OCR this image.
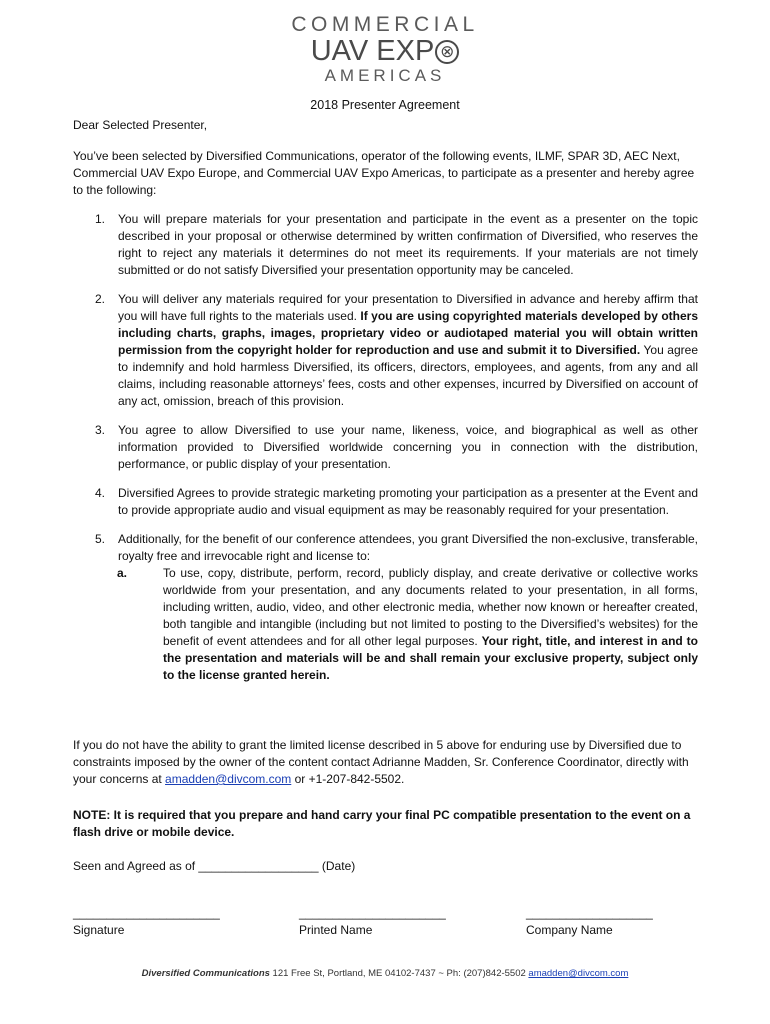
COMMERCIAL
UAV EXP ⊗
AMERICAS
2018 Presenter Agreement

Dear Selected Presenter,

You’ve been selected by Diversified Communications, operator of the following events, ILMF, SPAR 3D, AEC Next, Commercial UAV Expo Europe, and Commercial UAV Expo Americas, to participate as a presenter and hereby agree to the following:

1. You will prepare materials for your presentation and participate in the event as a presenter on the topic described in your proposal or otherwise determined by written confirmation of Diversified, who reserves the right to reject any materials it determines do not meet its requirements. If your materials are not timely submitted or do not satisfy Diversified your presentation opportunity may be canceled.
2. You will deliver any materials required for your presentation to Diversified in advance and hereby affirm that you will have full rights to the materials used. If you are using copyrighted materials developed by others including charts, graphs, images, proprietary video or audiotaped material you will obtain written permission from the copyright holder for reproduction and use and submit it to Diversified. You agree to indemnify and hold harmless Diversified, its officers, directors, employees, and agents, from any and all claims, including reasonable attorneys’ fees, costs and other expenses, incurred by Diversified on account of any act, omission, breach of this provision.
3. You agree to allow Diversified to use your name, likeness, voice, and biographical as well as other information provided to Diversified worldwide concerning you in connection with the distribution, performance, or public display of your presentation.
4. Diversified Agrees to provide strategic marketing promoting your participation as a presenter at the Event and to provide appropriate audio and visual equipment as may be reasonably required for your presentation.
5. Additionally, for the benefit of our conference attendees, you grant Diversified the non-exclusive, transferable, royalty free and irrevocable right and license to:
a.	To use, copy, distribute, perform, record, publicly display, and create derivative or collective works worldwide from your presentation, and any documents related to your presentation, in all forms, including written, audio, video, and other electronic media, whether now known or hereafter created, both tangible and intangible (including but not limited to posting to the Diversified’s websites) for the benefit of event attendees and for all other legal purposes. Your right, title, and interest in and to the presentation and materials will be and shall remain your exclusive property, subject only to the license granted herein.
If you do not have the ability to grant the limited license described in 5 above for enduring use by Diversified due to constraints imposed by the owner of the content contact Adrianne Madden, Sr. Conference Coordinator, directly with your concerns at amadden@divcom.com or +1-207-842-5502.
NOTE: It is required that you prepare and hand carry your final PC compatible presentation to the event on a flash drive or mobile device.
Seen and Agreed as of __________________ (Date)
______________________
Signature
______________________
Printed Name
___________________
Company Name
Diversified Communications 121 Free St, Portland, ME 04102-7437 ~ Ph: (207)842-5502 amadden@divcom.com
